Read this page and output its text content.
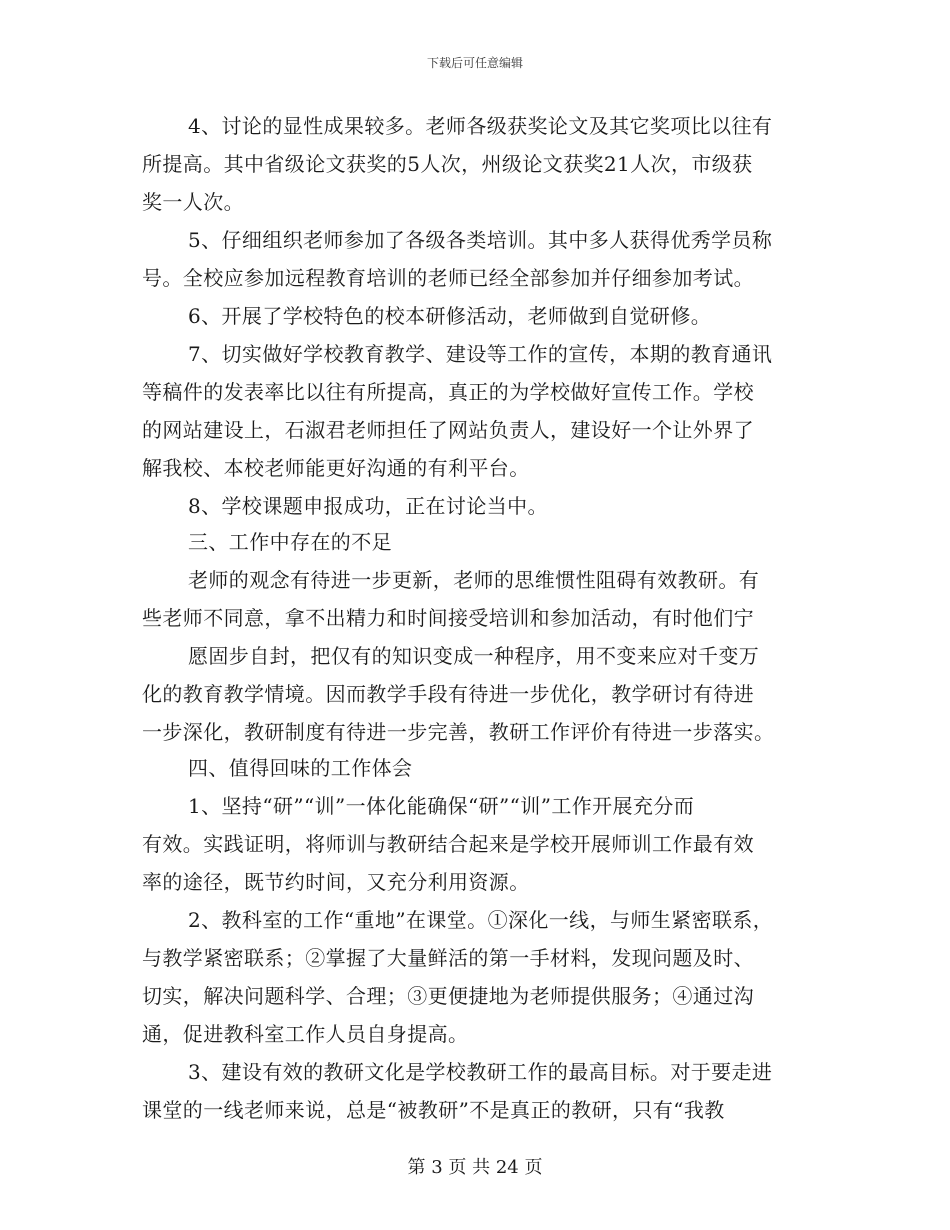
下载后可任意编辑
4、讨论的显性成果较多。老师各级获奖论文及其它奖项比以往有
所提高。其中省级论文获奖的5人次，州级论文获奖21人次，市级获
奖一人次。
5、仔细组织老师参加了各级各类培训。其中多人获得优秀学员称
号。全校应参加远程教育培训的老师已经全部参加并仔细参加考试。
6、开展了学校特色的校本研修活动，老师做到自觉研修。
7、切实做好学校教育教学、建设等工作的宣传，本期的教育通讯
等稿件的发表率比以往有所提高，真正的为学校做好宣传工作。学校
的网站建设上，石淑君老师担任了网站负责人，建设好一个让外界了
解我校、本校老师能更好沟通的有利平台。
8、学校课题申报成功，正在讨论当中。
三、工作中存在的不足
老师的观念有待进一步更新，老师的思维惯性阻碍有效教研。有
些老师不同意，拿不出精力和时间接受培训和参加活动，有时他们宁
愿固步自封，把仅有的知识变成一种程序，用不变来应对千变万
化的教育教学情境。因而教学手段有待进一步优化，教学研讨有待进
一步深化，教研制度有待进一步完善，教研工作评价有待进一步落实。
四、值得回味的工作体会
1、坚持“研”“训”一体化能确保“研”“训”工作开展充分而
有效。实践证明，将师训与教研结合起来是学校开展师训工作最有效
率的途径，既节约时间，又充分利用资源。
2、教科室的工作“重地”在课堂。①深化一线，与师生紧密联系，
与教学紧密联系；②掌握了大量鲜活的第一手材料，发现问题及时、
切实，解决问题科学、合理；③更便捷地为老师提供服务；④通过沟
通，促进教科室工作人员自身提高。
3、建设有效的教研文化是学校教研工作的最高目标。对于要走进
课堂的一线老师来说，总是“被教研”不是真正的教研，只有“我教
第 3 页 共 24 页
